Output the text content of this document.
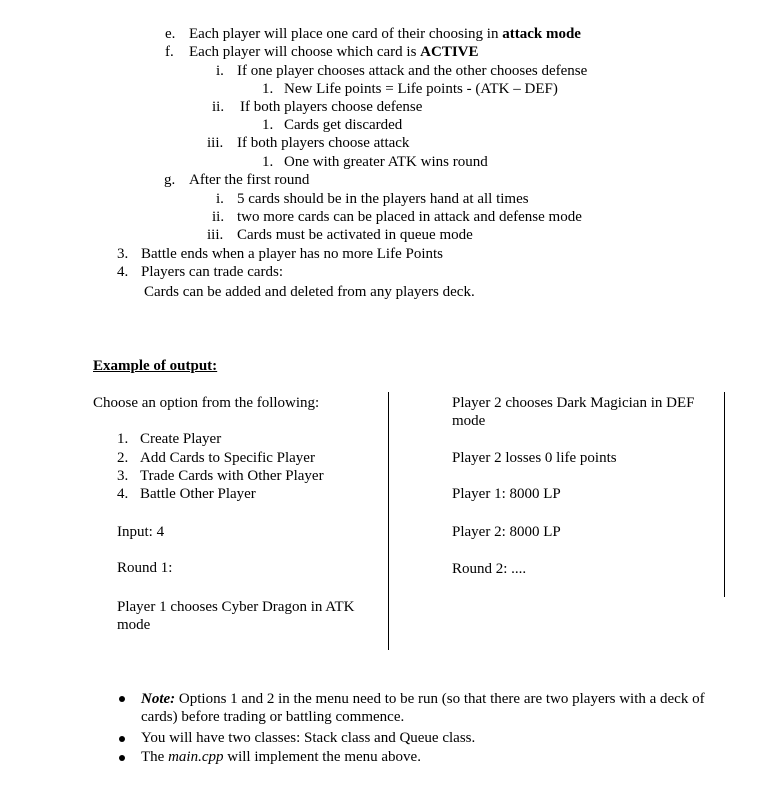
e. Each player will place one card of their choosing in attack mode
f. Each player will choose which card is ACTIVE
i. If one player chooses attack and the other chooses defense
1. New Life points = Life points - (ATK – DEF)
ii. If both players choose defense
1. Cards get discarded
iii. If both players choose attack
1. One with greater ATK wins round
g. After the first round
i. 5 cards should be in the players hand at all times
ii. two more cards can be placed in attack and defense mode
iii. Cards must be activated in queue mode
3. Battle ends when a player has no more Life Points
4. Players can trade cards:
Cards can be added and deleted from any players deck.
Example of output:
Choose an option from the following:
1. Create Player
2. Add Cards to Specific Player
3. Trade Cards with Other Player
4. Battle Other Player
Input: 4
Round 1:
Player 1 chooses Cyber Dragon in ATK mode
Player 2 chooses Dark Magician in DEF mode
Player 2 losses 0 life points
Player 1: 8000 LP
Player 2: 8000 LP
Round 2: ....
Note: Options 1 and 2 in the menu need to be run (so that there are two players with a deck of cards) before trading or battling commence.
You will have two classes: Stack class and Queue class.
The main.cpp will implement the menu above.
